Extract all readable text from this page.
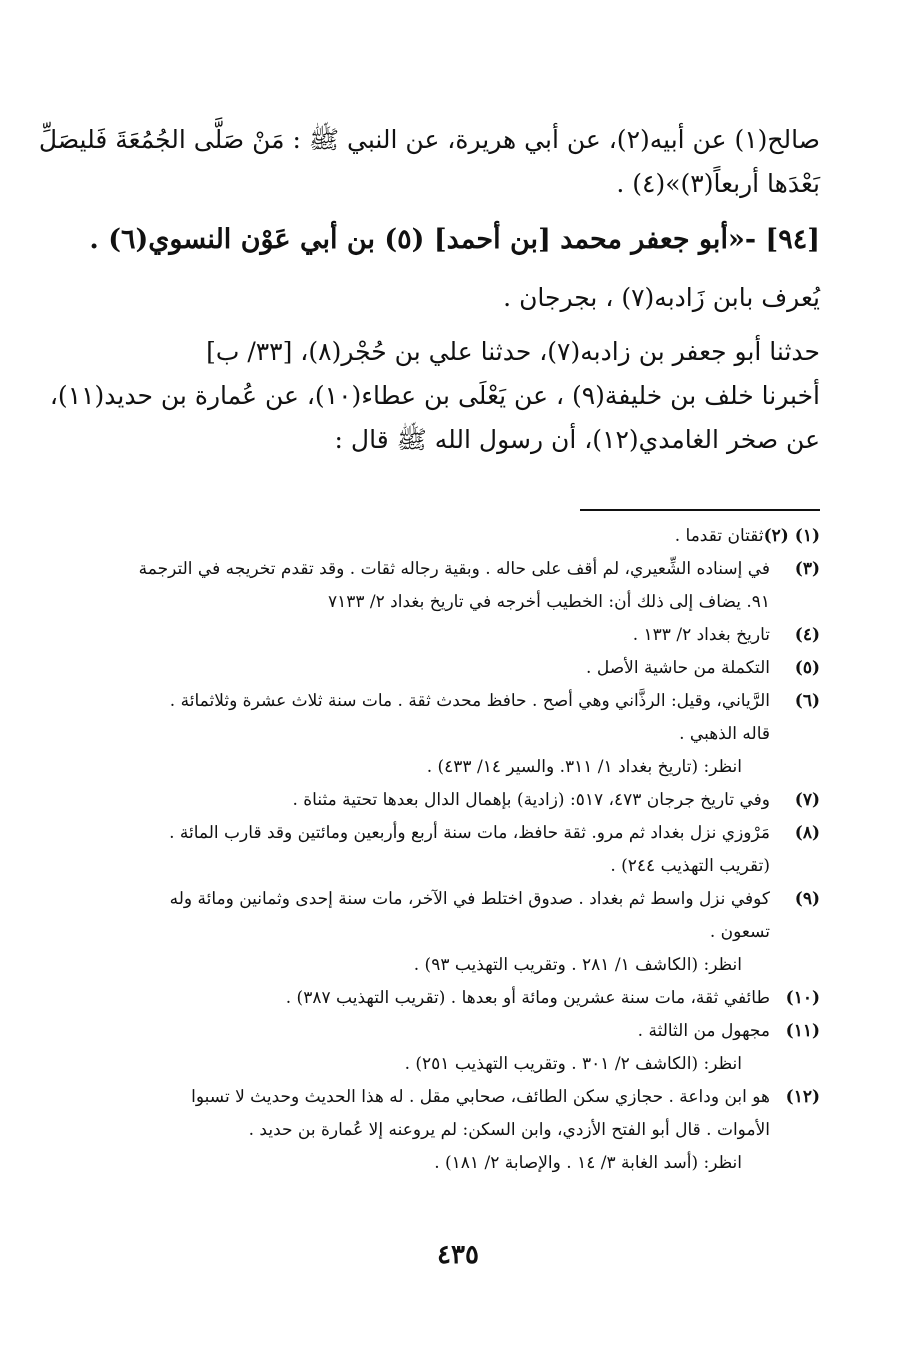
صالح(١) عن أبيه(٢)، عن أبي هريرة، عن النبي ﷺ : مَنْ صَلَّى الجُمُعَةَ فَليصَلِّ
بَعْدَها أربعاً(٣)»(٤) .
[٩٤] -«أبو جعفر محمد [بن أحمد] (٥) بن أبي عَوْن النسوي(٦) .
يُعرف بابن زَادبه(٧) ، بجرجان .
حدثنا أبو جعفر بن زادبه(٧)، حدثنا علي بن حُجْر(٨)، [٣٣/ ب]
أخبرنا خلف بن خليفة(٩) ، عن يَعْلَى بن عطاء(١٠)، عن عُمارة بن حديد(١١)،
عن صخر الغامدي(١٢)، أن رسول الله ﷺ قال :
(١) (٢)
ثقتان تقدما .
(٣)
في إسناده الشِّعيري، لم أقف على حاله . وبقية رجاله ثقات . وقد تقدم تخريجه في الترجمة
٩١. يضاف إلى ذلك أن: الخطيب أخرجه في تاريخ بغداد ٢/ ٧١٣٣
(٤)
تاريخ بغداد ٢/ ١٣٣ .
(٥)
التكملة من حاشية الأصل .
(٦)
الرَّياني، وقيل: الرذَّاني وهي أصح . حافظ محدث ثقة . مات سنة ثلاث عشرة وثلاثمائة .
قاله الذهبي .
انظر: (تاريخ بغداد ١/ ٣١١. والسير ١٤/ ٤٣٣) .
(٧)
وفي تاريخ جرجان ٤٧٣، ٥١٧: (زادية) بإهمال الدال بعدها تحتية مثناة .
(٨)
مَرْوزي نزل بغداد ثم مرو. ثقة حافظ، مات سنة أربع وأربعين ومائتين وقد قارب المائة .
(تقريب التهذيب ٢٤٤) .
(٩)
كوفي نزل واسط ثم بغداد . صدوق اختلط في الآخر، مات سنة إحدى وثمانين ومائة وله
تسعون .
انظر: (الكاشف ١/ ٢٨١ . وتقريب التهذيب ٩٣) .
(١٠)
طائفي ثقة، مات سنة عشرين ومائة أو بعدها . (تقريب التهذيب ٣٨٧) .
(١١)
مجهول من الثالثة .
انظر: (الكاشف ٢/ ٣٠١ . وتقريب التهذيب ٢٥١) .
(١٢)
هو ابن وداعة . حجازي سكن الطائف، صحابي مقل . له هذا الحديث وحديث لا تسبوا
الأموات . قال أبو الفتح الأزدي، وابن السكن: لم يروعنه إلا عُمارة بن حديد .
انظر: (أسد الغابة ٣/ ١٤ . والإصابة ٢/ ١٨١) .
٤٣٥
